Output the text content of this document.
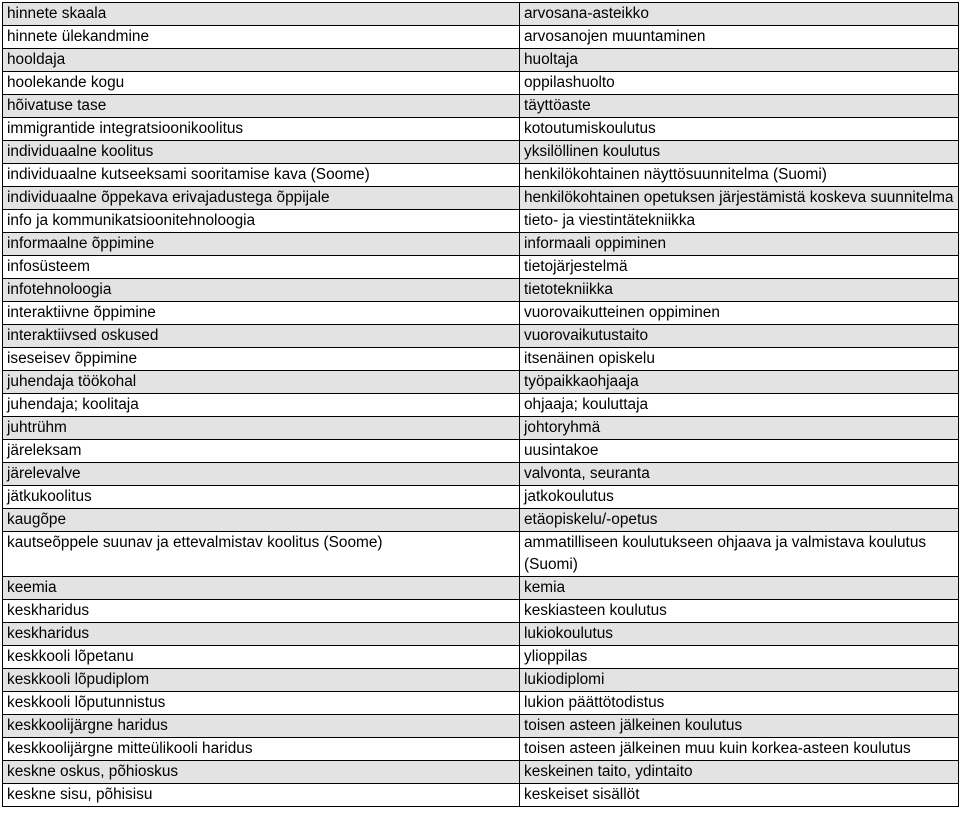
hinnete skaala	arvosana-asteikko
hinnete ülekandmine	arvosanojen muuntaminen
hooldaja	huoltaja
hoolekande kogu	oppilashuolto
hõivatuse tase	täyttöaste
immigrantide integratsioonikoolitus	kotoutumiskoulutus
individuaalne koolitus	yksilöllinen koulutus
individuaalne kutseeksami sooritamise kava (Soome)	henkilökohtainen näyttösuunnitelma (Suomi)
individuaalne õppekava erivajadustega õppijale	henkilökohtainen opetuksen järjestämistä koskeva suunnitelma
info ja kommunikatsioonitehnoloogia	tieto- ja viestintätekniikka
informaalne õppimine	informaali oppiminen
infosüsteem	tietojärjestelmä
infotehnoloogia	tietotekniikka
interaktiivne õppimine	vuorovaikutteinen oppiminen
interaktiivsed oskused	vuorovaikutustaito
iseseisev õppimine	itsenäinen opiskelu
juhendaja töökohal	työpaikkaohjaaja
juhendaja; koolitaja	ohjaaja; kouluttaja
juhtrühm	johtoryhmä
järeleksam	uusintakoe
järelevalve	valvonta, seuranta
jätkukoolitus	jatkokoulutus
kaugõpe	etäopiskelu/-opetus
kautseõppele suunav ja ettevalmistav koolitus (Soome)	ammatilliseen koulutukseen ohjaava ja valmistava koulutus (Suomi)
keemia	kemia
keskharidus	keskiasteen koulutus
keskharidus	lukiokoulutus
keskkooli lõpetanu	ylioppilas
keskkooli lõpudiplom	lukiodiplomi
keskkooli lõputunnistus	lukion päättötodistus
keskkoolijärgne haridus	toisen asteen jälkeinen koulutus
keskkoolijärgne mitteülikooli haridus	toisen asteen jälkeinen muu kuin korkea-asteen koulutus
keskne oskus, põhioskus	keskeinen taito, ydintaito
keskne sisu, põhisisu	keskeiset sisällöt
